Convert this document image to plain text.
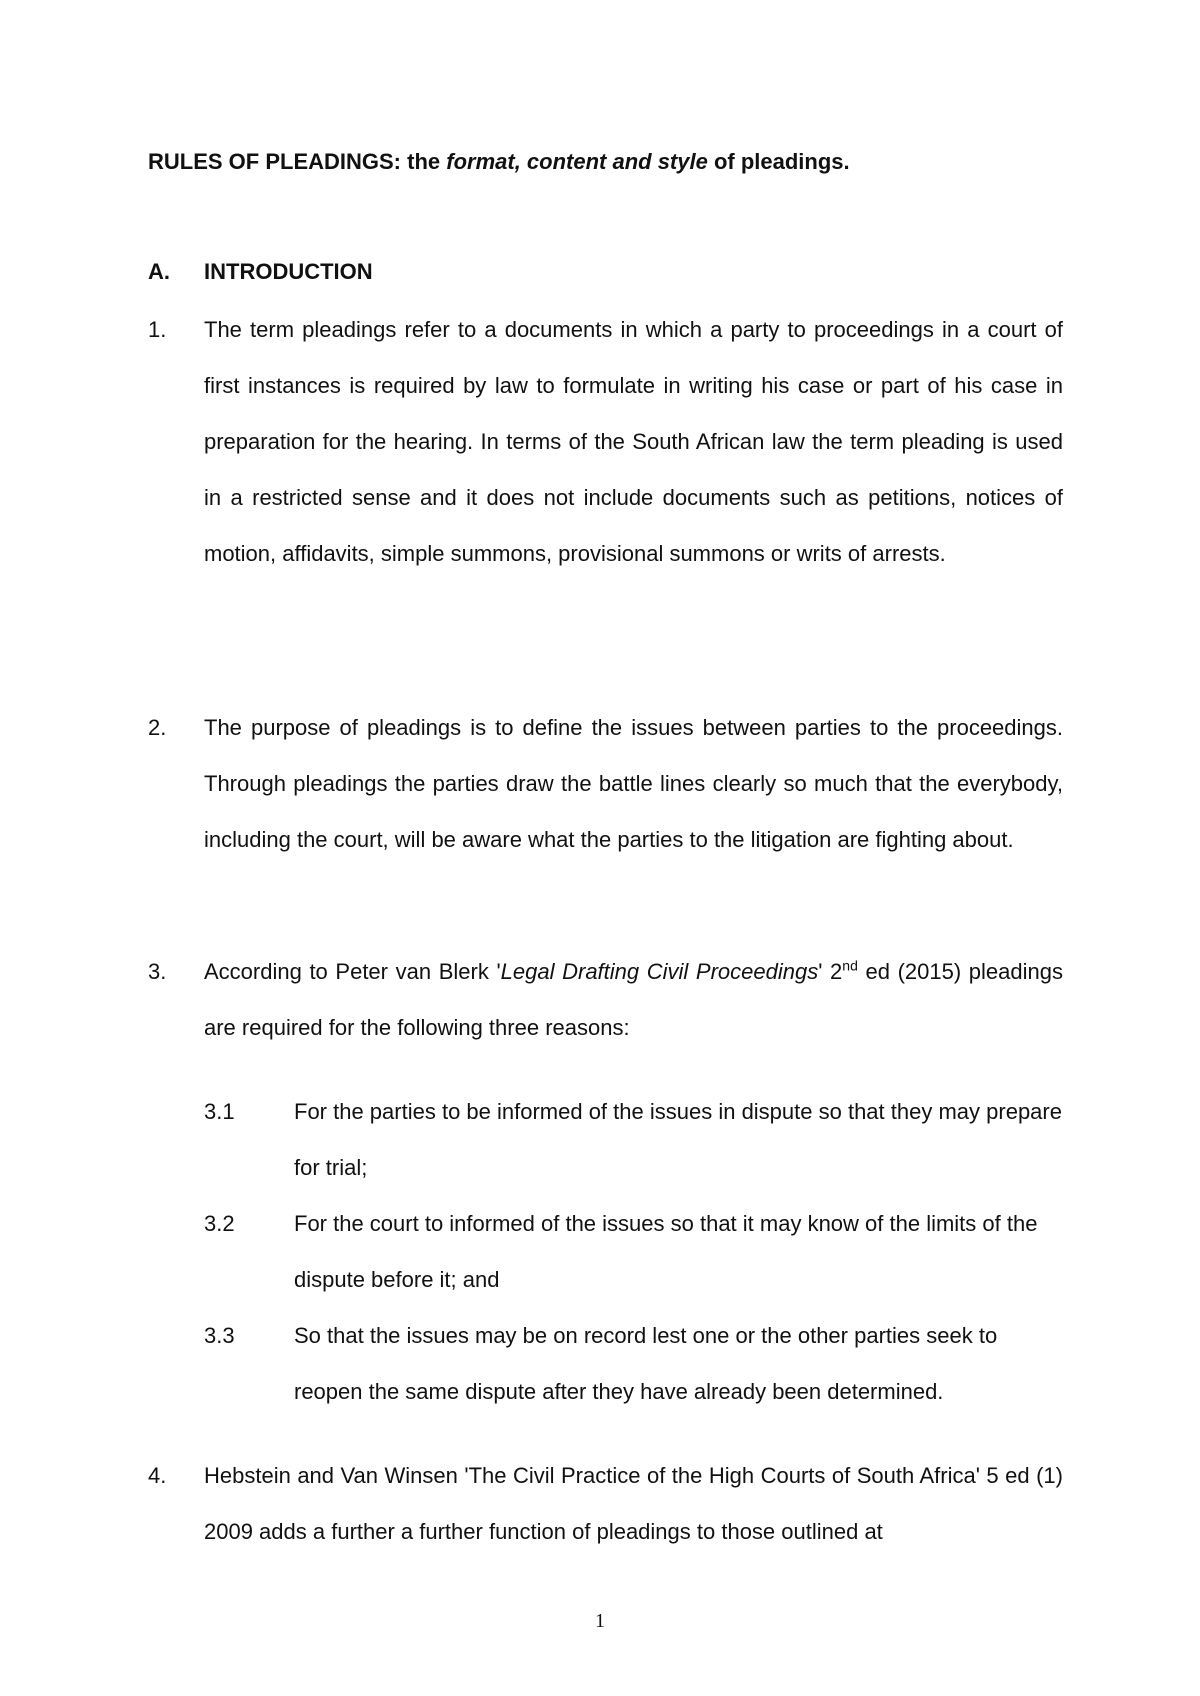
RULES OF PLEADINGS: the format, content and style of pleadings.
A. INTRODUCTION
1.	The term pleadings refer to a documents in which a party to proceedings in a court of first instances is required by law to formulate in writing his case or part of his case in preparation for the hearing. In terms of the South African law the term pleading is used in a restricted sense and it does not include documents such as petitions, notices of motion, affidavits, simple summons, provisional summons or writs of arrests.
2.	The purpose of pleadings is to define the issues between parties to the proceedings. Through pleadings the parties draw the battle lines clearly so much that the everybody, including the court, will be aware what the parties to the litigation are fighting about.
3.	According to Peter van Blerk 'Legal Drafting Civil Proceedings' 2nd ed (2015) pleadings are required for the following three reasons:
3.1	For the parties to be informed of the issues in dispute so that they may prepare for trial;
3.2	For the court to informed of the issues so that it may know of the limits of the dispute before it; and
3.3	So that the issues may be on record lest one or the other parties seek to reopen the same dispute after they have already been determined.
4.	Hebstein and Van Winsen 'The Civil Practice of the High Courts of South Africa' 5 ed (1) 2009 adds a further a further function of pleadings to those outlined at
1
